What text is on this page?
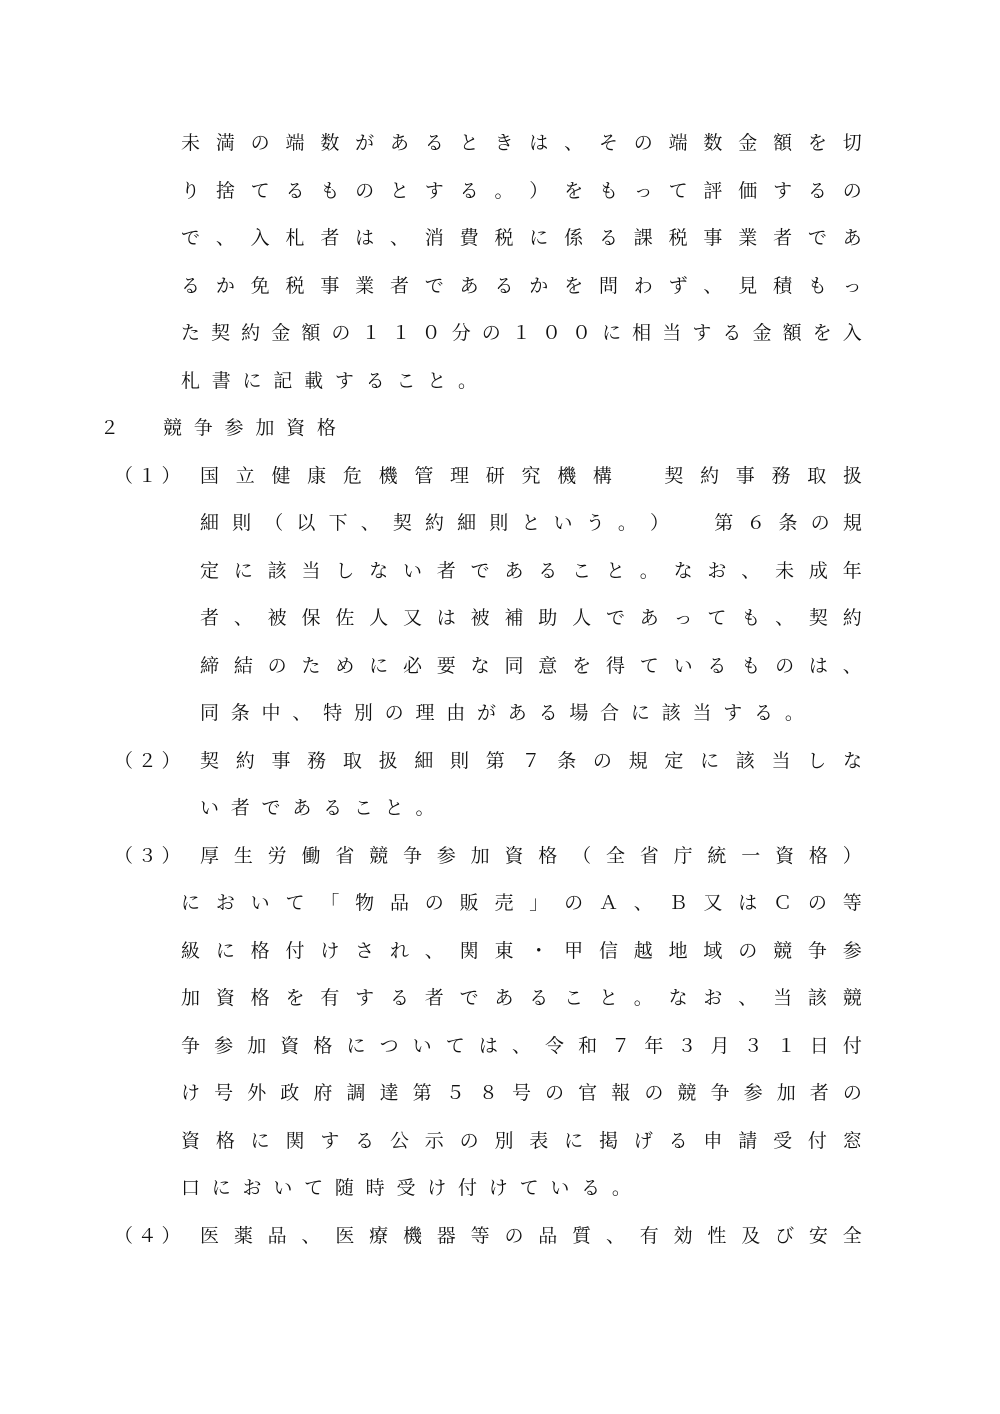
未 満 の 端 数 が あ る と き は 、 そ の 端 数 金 額 を 切
り 捨 て る も の と す る 。 ） を も っ て 評 価 す る の
で 、 入 札 者 は 、 消 費 税 に 係 る 課 税 事 業 者 で あ
る か 免 税 事 業 者 で あ る か を 問 わ ず 、 見 積 も っ
た 契 約 金 額 の １ １ ０ 分 の １ ０ ０ に 相 当 す る 金 額 を 入
札書に記載すること。
２ 競争参加資格
（１） 国 立 健 康 危 機 管 理 研 究 機 構
　	契 約 事 務 取 扱
細 則 （ 以 下 、 契 約 細 則 と い う 。 ）
　 第 ６ 条 の 規
定 に 該 当 し な い 者 で あ る こ と 。 な お 、 未 成 年
者 、 被 保 佐 人 又 は 被 補 助 人 で あ っ て も 、 契 約
締 結 の た め に 必 要 な 同 意 を 得 て い る も の は 、
同条中、特別の理由がある場合に該当する。
（２） 契 約 事 務 取 扱 細 則 第 ７ 条 の 規 定 に 該 当 し な
い者であること。
（３） 厚 生 労 働 省 競 争 参 加 資 格 （ 全 省 庁 統 一 資 格 ）
に お い て 「 物 品 の 販 売 」 の Ａ 、 Ｂ 又 は Ｃ の 等
級 に 格 付 け さ れ 、 関 東 ・ 甲 信 越 地 域 の 競 争 参
加 資 格 を 有 す る 者 で あ る こ と 。 な お 、 当 該 競
争 参 加 資 格 に つ い て は 、 令 和 ７ 年 ３ 月 ３ １ 日 付
け 号 外 政 府 調 達 第 ５ ８ 号 の 官 報 の 競 争 参 加 者 の
資 格 に 関 す る 公 示 の 別 表 に 掲 げ る 申 請 受 付 窓
口において随時受け付けている。
（４） 医 薬 品 、 医 療 機 器 等 の 品 質 、 有 効 性 及 び 安 全
